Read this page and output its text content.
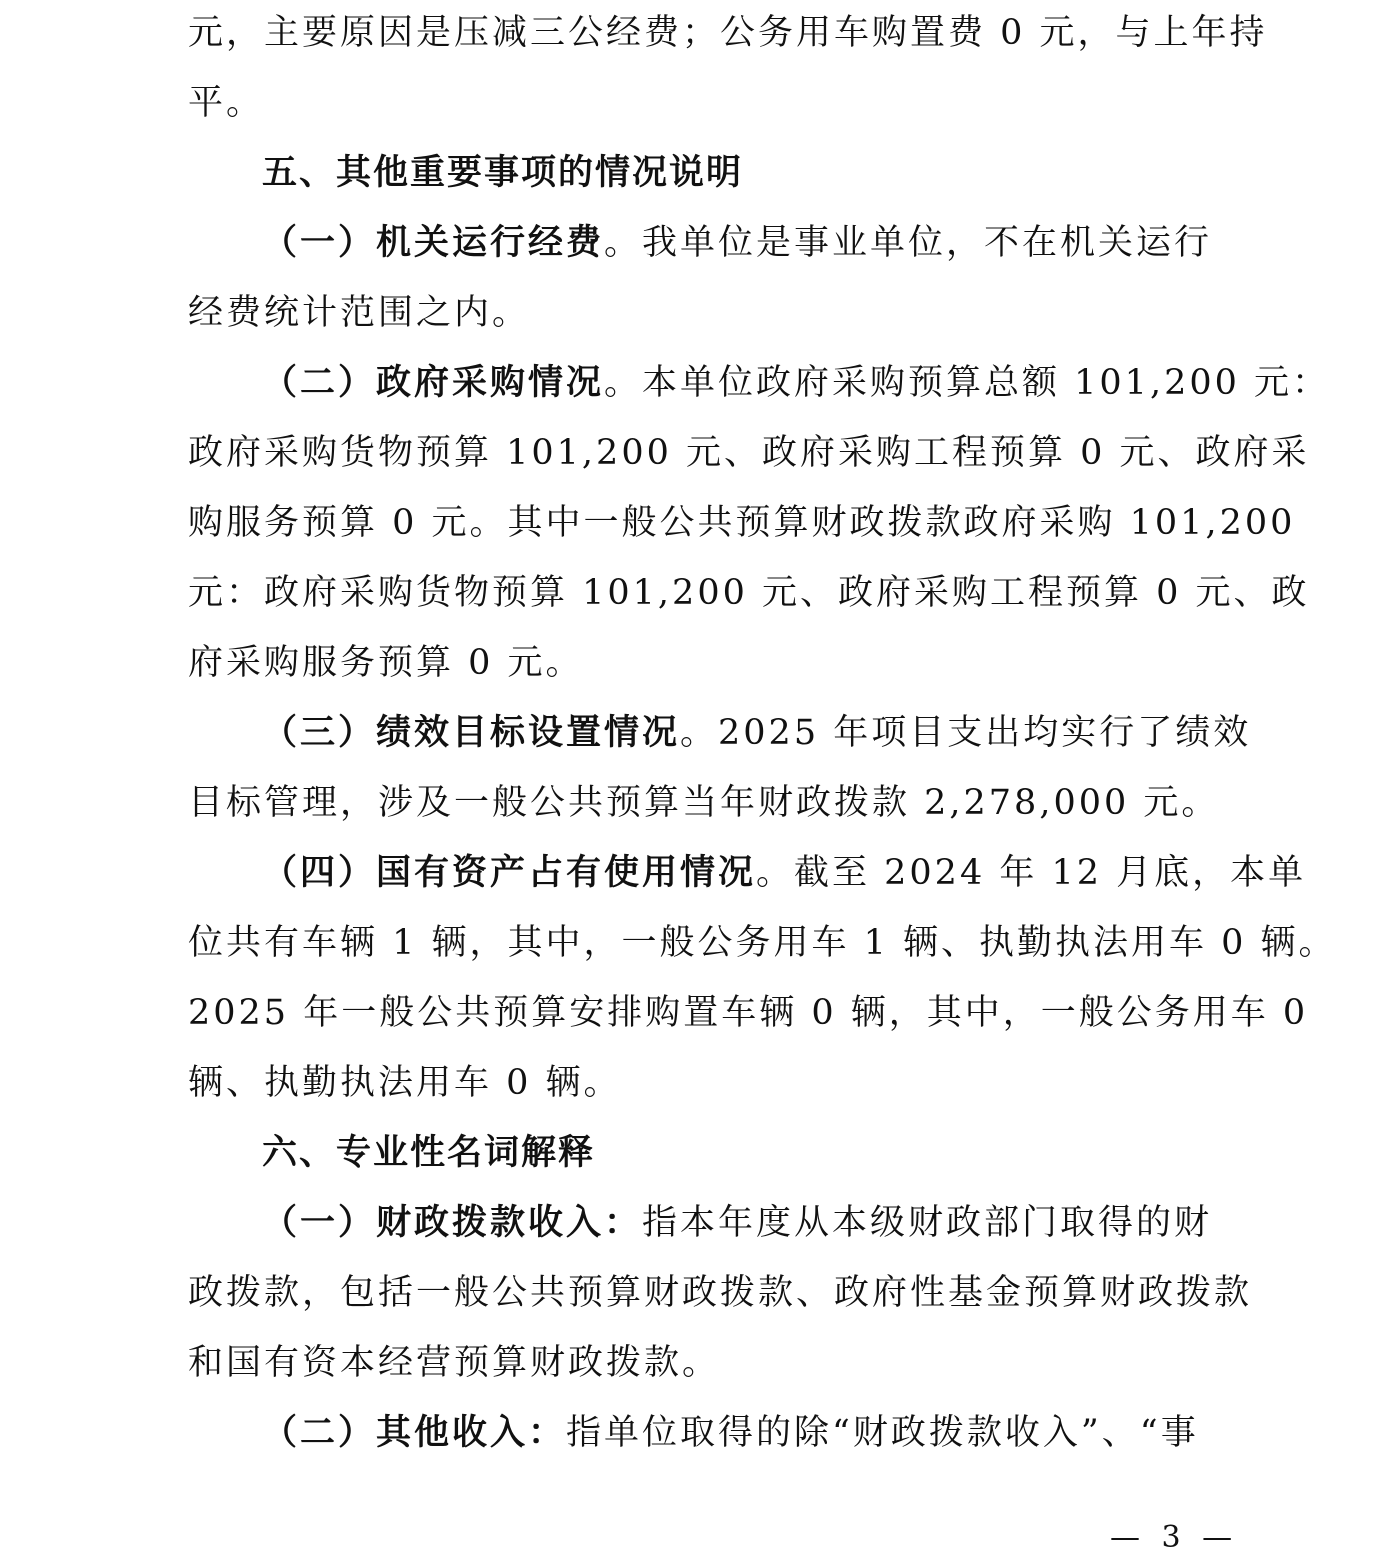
元，主要原因是压减三公经费；公务用车购置费 0 元，与上年持
平。
五、其他重要事项的情况说明
（一）机关运行经费。我单位是事业单位，不在机关运行
经费统计范围之内。
（二）政府采购情况。本单位政府采购预算总额 101,200 元：
政府采购货物预算 101,200 元、政府采购工程预算 0 元、政府采
购服务预算 0 元。其中一般公共预算财政拨款政府采购 101,200
元：政府采购货物预算 101,200 元、政府采购工程预算 0 元、政
府采购服务预算 0 元。
（三）绩效目标设置情况。2025 年项目支出均实行了绩效
目标管理，涉及一般公共预算当年财政拨款 2,278,000 元。
（四）国有资产占有使用情况。截至 2024 年 12 月底，本单
位共有车辆 1 辆，其中，一般公务用车 1 辆、执勤执法用车 0 辆。
2025 年一般公共预算安排购置车辆 0 辆，其中，一般公务用车 0
辆、执勤执法用车 0 辆。
六、专业性名词解释
（一）财政拨款收入：指本年度从本级财政部门取得的财
政拨款，包括一般公共预算财政拨款、政府性基金预算财政拨款
和国有资本经营预算财政拨款。
（二）其他收入：指单位取得的除“财政拨款收入”、“事
— 3 —
